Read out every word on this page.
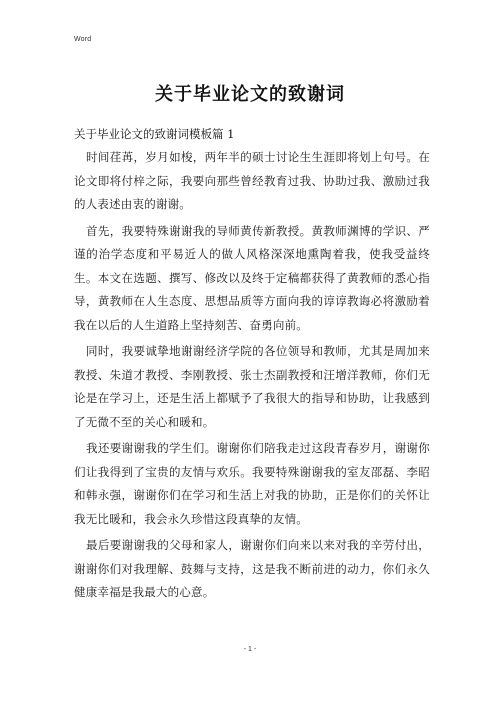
Word
关于毕业论文的致谢词
关于毕业论文的致谢词模板篇 1

时间荏苒，岁月如梭，两年半的硕士讨论生生涯即将划上句号。在论文即将付梓之际，我要向那些曾经教育过我、协助过我、激励过我的人表述由衷的谢谢。

首先，我要特殊谢谢我的导师黄传新教授。黄教师渊博的学识、严谨的治学态度和平易近人的做人风格深深地熏陶着我，使我受益终生。本文在选题、撰写、修改以及终于定稿都获得了黄教师的悉心指导，黄教师在人生态度、思想品质等方面向我的谆谆教诲必将激励着我在以后的人生道路上坚持刻苦、奋勇向前。

同时，我要诚挚地谢谢经济学院的各位领导和教师，尤其是周加来教授、朱道才教授、李刚教授、张士杰副教授和汪增洋教师，你们无论是在学习上，还是生活上都赋予了我很大的指导和协助，让我感到了无微不至的关心和暖和。

我还要谢谢我的学生们。谢谢你们陪我走过这段青春岁月，谢谢你们让我得到了宝贵的友情与欢乐。我要特殊谢谢我的室友邵磊、李昭和韩永强，谢谢你们在学习和生活上对我的协助，正是你们的关怀让我无比暖和，我会永久珍惜这段真挚的友情。

最后要谢谢我的父母和家人，谢谢你们向来以来对我的辛劳付出，谢谢你们对我理解、鼓舞与支持，这是我不断前进的动力，你们永久健康幸福是我最大的心意。

- 1 -
